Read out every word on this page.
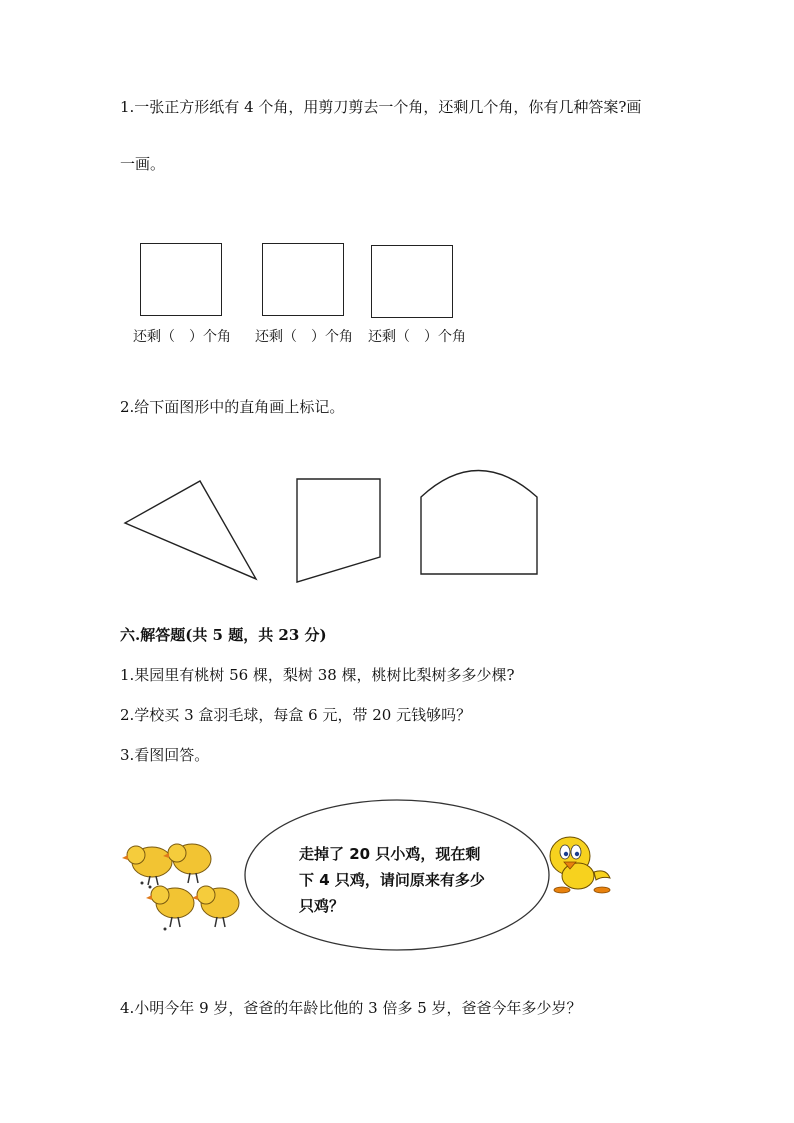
1.一张正方形纸有 4 个角，用剪刀剪去一个角，还剩几个角，你有几种答案?画
一画。
还剩（　）个角 还剩（　）个角 还剩（　）个角
2.给下面图形中的直角画上标记。
六.解答题(共 5 题，共 23 分)
1.果园里有桃树 56 棵，梨树 38 棵，桃树比梨树多多少棵?
2.学校买 3 盒羽毛球，每盒 6 元，带 20 元钱够吗？
3.看图回答。
走掉了 20 只小鸡，现在剩
下 4 只鸡，请问原来有多少
只鸡？
4.小明今年 9 岁，爸爸的年龄比他的 3 倍多 5 岁，爸爸今年多少岁？
